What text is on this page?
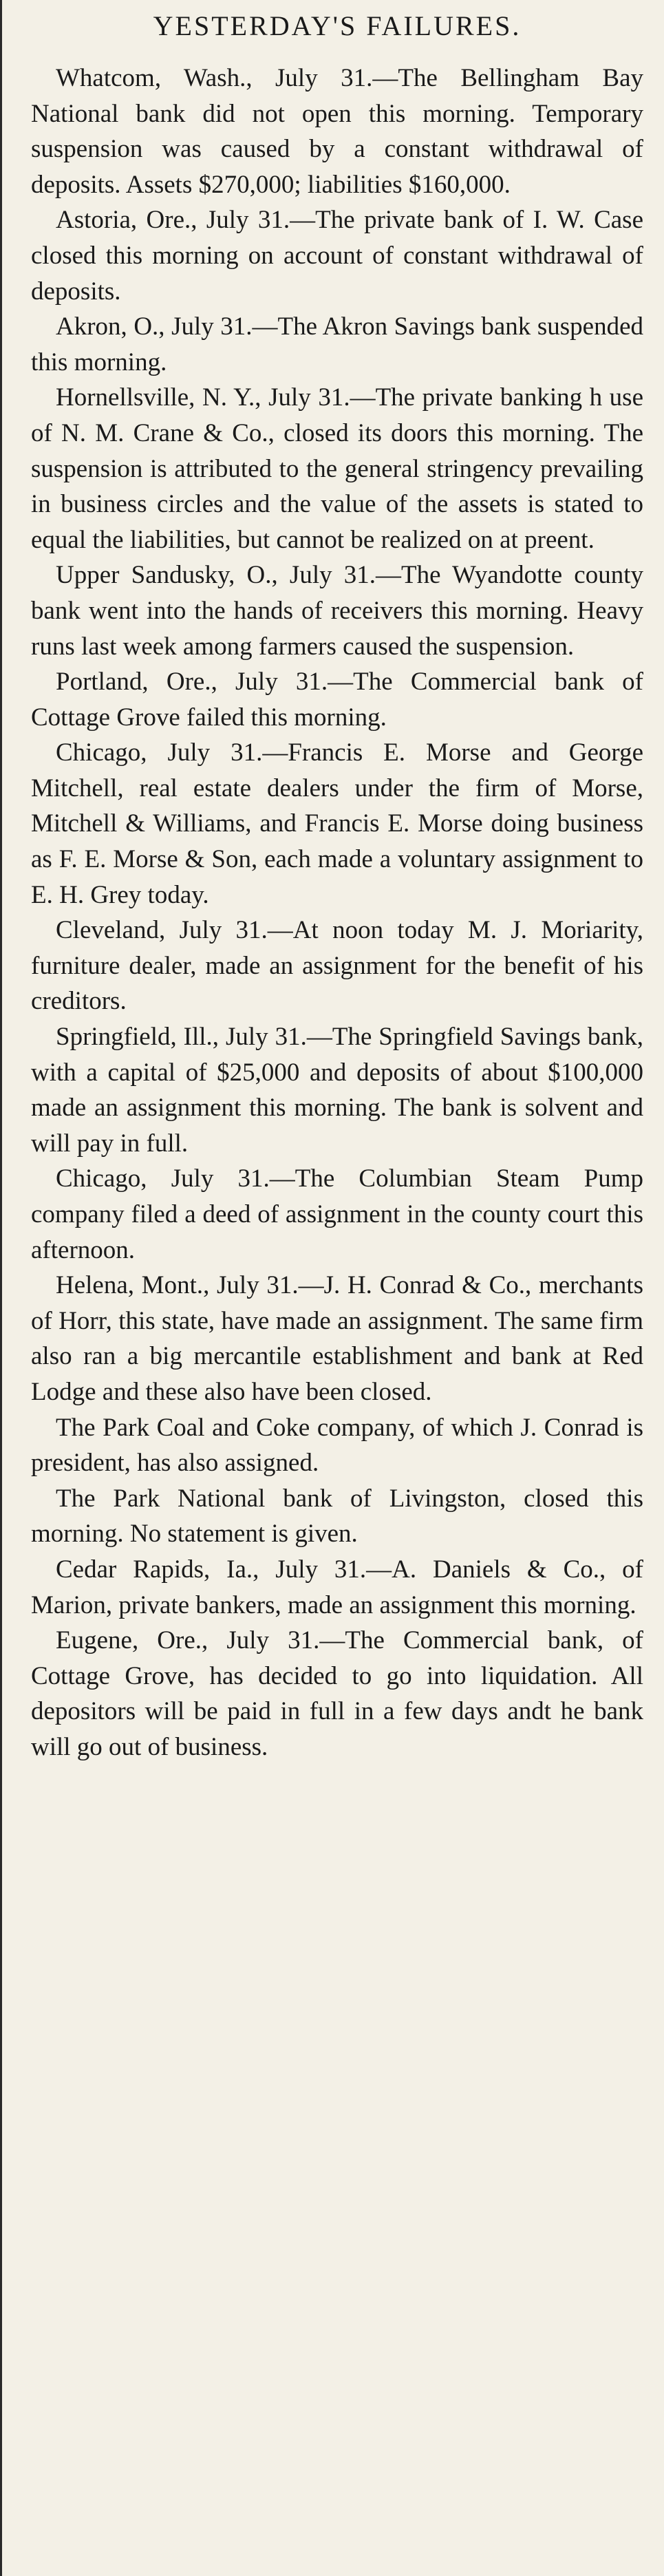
YESTERDAY'S FAILURES.

Whatcom, Wash., July 31.—The Bellingham Bay National bank did not open this morning. Temporary suspension was caused by a constant withdrawal of deposits. Assets $270,000; liabilities $160,000.

Astoria, Ore., July 31.—The private bank of I. W. Case closed this morning on account of constant withdrawal of deposits.

Akron, O., July 31.—The Akron Savings bank suspended this morning.

Hornellsville, N. Y., July 31.—The private banking h use of N. M. Crane & Co., closed its doors this morning. The suspension is attributed to the general stringency prevailing in business circles and the value of the assets is stated to equal the liabilities, but cannot be realized on at preent.

Upper Sandusky, O., July 31.—The Wyandotte county bank went into the hands of receivers this morning. Heavy runs last week among farmers caused the suspension.

Portland, Ore., July 31.—The Commercial bank of Cottage Grove failed this morning.

Chicago, July 31.—Francis E. Morse and George Mitchell, real estate dealers under the firm of Morse, Mitchell & Williams, and Francis E. Morse doing business as F. E. Morse & Son, each made a voluntary assignment to E. H. Grey today.

Cleveland, July 31.—At noon today M. J. Moriarity, furniture dealer, made an assignment for the benefit of his creditors.

Springfield, Ill., July 31.—The Springfield Savings bank, with a capital of $25,000 and deposits of about $100,000 made an assignment this morning. The bank is solvent and will pay in full.

Chicago, July 31.—The Columbian Steam Pump company filed a deed of assignment in the county court this afternoon.

Helena, Mont., July 31.—J. H. Conrad & Co., merchants of Horr, this state, have made an assignment. The same firm also ran a big mercantile establishment and bank at Red Lodge and these also have been closed.

The Park Coal and Coke company, of which J. Conrad is president, has also assigned.

The Park National bank of Livingston, closed this morning. No statement is given.

Cedar Rapids, Ia., July 31.—A. Daniels & Co., of Marion, private bankers, made an assignment this morning.

Eugene, Ore., July 31.—The Commercial bank, of Cottage Grove, has decided to go into liquidation. All depositors will be paid in full in a few days andt he bank will go out of business.
